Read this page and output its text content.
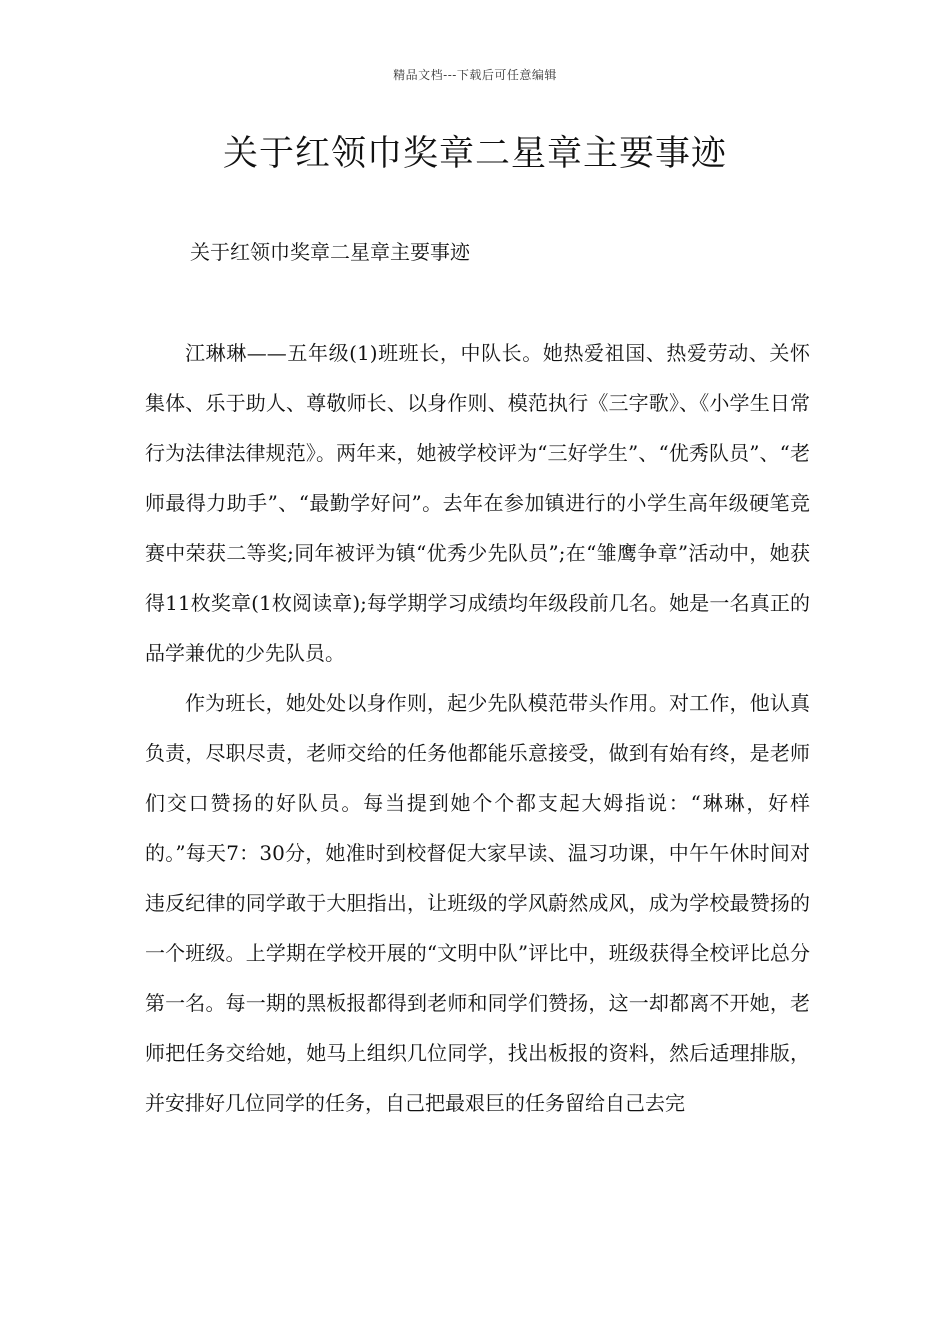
精品文档---下载后可任意编辑
关于红领巾奖章二星章主要事迹

关于红领巾奖章二星章主要事迹

江琳琳——五年级(1)班班长，中队长。她热爱祖国、热爱劳动、关怀集体、乐于助人、尊敬师长、以身作则、模范执行《三字歌》、《小学生日常行为法律法律规范》。两年来，她被学校评为“三好学生”、“优秀队员”、“老师最得力助手”、“最勤学好问”。去年在参加镇进行的小学生高年级硬笔竞赛中荣获二等奖;同年被评为镇“优秀少先队员”;在“雏鹰争章”活动中，她获得11枚奖章(1枚阅读章);每学期学习成绩均年级段前几名。她是一名真正的品学兼优的少先队员。

作为班长，她处处以身作则，起少先队模范带头作用。对工作，他认真负责，尽职尽责，老师交给的任务他都能乐意接受，做到有始有终，是老师们交口赞扬的好队员。每当提到她个个都支起大姆指说：“琳琳，好样的。”每天7：30分，她准时到校督促大家早读、温习功课，中午午休时间对违反纪律的同学敢于大胆指出，让班级的学风蔚然成风，成为学校最赞扬的一个班级。上学期在学校开展的“文明中队”评比中，班级获得全校评比总分第一名。每一期的黑板报都得到老师和同学们赞扬，这一却都离不开她，老师把任务交给她，她马上组织几位同学，找出板报的资料，然后适理排版，并安排好几位同学的任务，自己把最艰巨的任务留给自己去完
